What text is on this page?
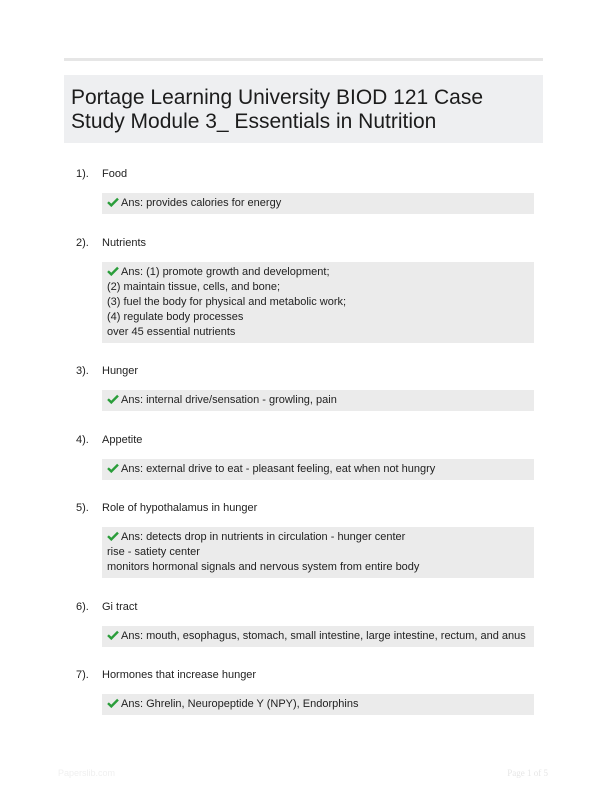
Portage Learning University BIOD 121 Case Study Module 3_ Essentials in Nutrition
1). Food
Ans: provides calories for energy
2). Nutrients
Ans: (1) promote growth and development;
(2) maintain tissue, cells, and bone;
(3) fuel the body for physical and metabolic work;
(4) regulate body processes
over 45 essential nutrients
3). Hunger
Ans: internal drive/sensation - growling, pain
4). Appetite
Ans: external drive to eat - pleasant feeling, eat when not hungry
5). Role of hypothalamus in hunger
Ans: detects drop in nutrients in circulation - hunger center
rise - satiety center
monitors hormonal signals and nervous system from entire body
6). Gi tract
Ans: mouth, esophagus, stomach, small intestine, large intestine, rectum, and anus
7). Hormones that increase hunger
Ans: Ghrelin, Neuropeptide Y (NPY), Endorphins
Paperslib.com	Page 1 of 5
